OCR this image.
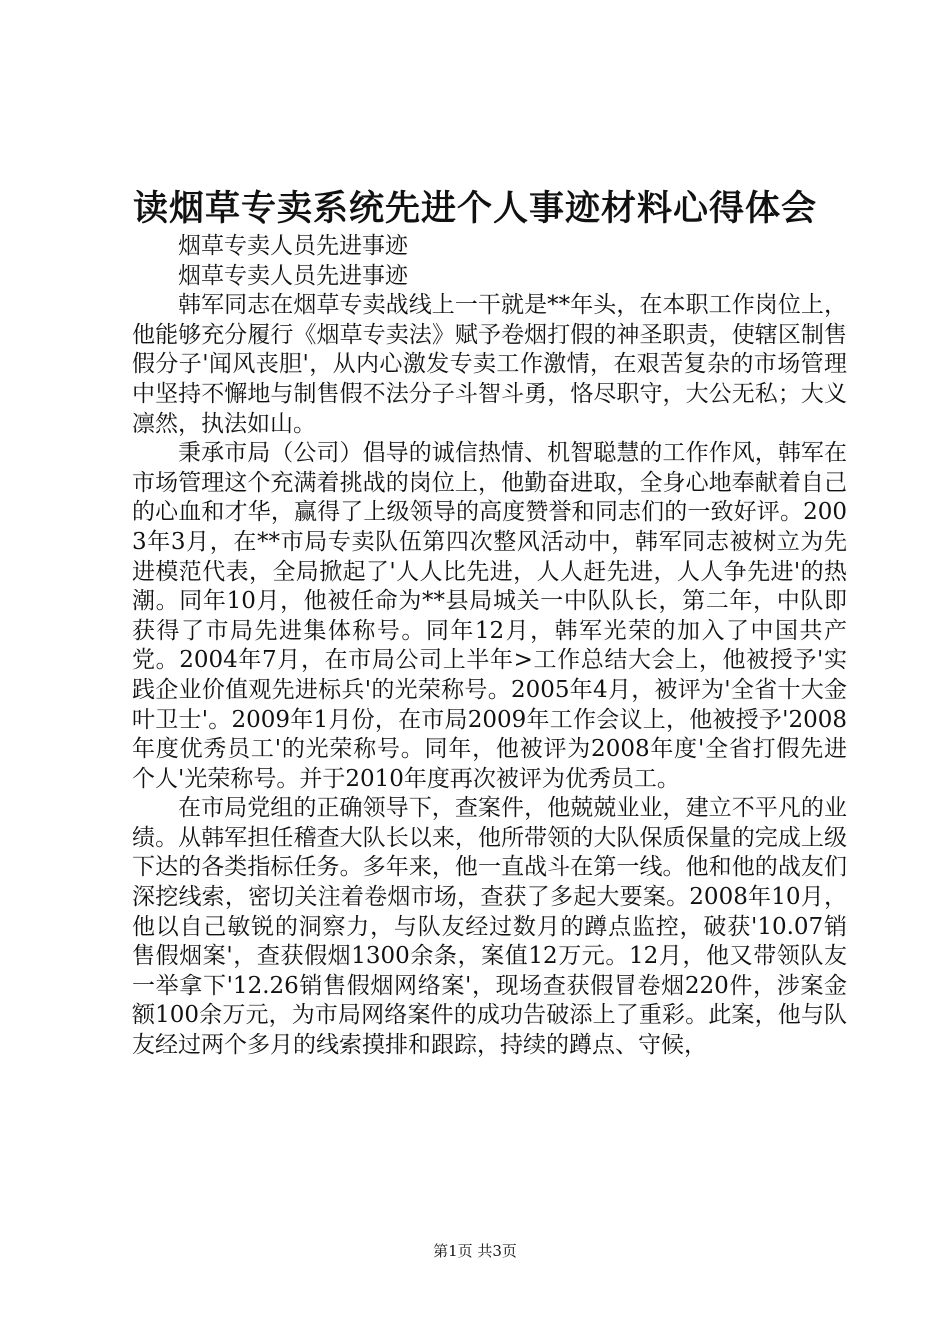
读烟草专卖系统先进个人事迹材料心得体会

烟草专卖人员先进事迹

烟草专卖人员先进事迹

韩军同志在烟草专卖战线上一干就是**年头，在本职工作岗位上，他能够充分履行《烟草专卖法》赋予卷烟打假的神圣职责，使辖区制售假分子'闻风丧胆'，从内心激发专卖工作激情，在艰苦复杂的市场管理中坚持不懈地与制售假不法分子斗智斗勇，恪尽职守，大公无私；大义凛然，执法如山。

秉承市局（公司）倡导的诚信热情、机智聪慧的工作作风，韩军在市场管理这个充满着挑战的岗位上，他勤奋进取，全身心地奉献着自己的心血和才华，赢得了上级领导的高度赞誉和同志们的一致好评。2003年3月，在**市局专卖队伍第四次整风活动中，韩军同志被树立为先进模范代表，全局掀起了'人人比先进，人人赶先进，人人争先进'的热潮。同年10月，他被任命为**县局城关一中队队长，第二年，中队即获得了市局先进集体称号。同年12月，韩军光荣的加入了中国共产党。2004年7月，在市局公司上半年>工作总结大会上，他被授予'实践企业价值观先进标兵'的光荣称号。2005年4月，被评为'全省十大金叶卫士'。2009年1月份，在市局2009年工作会议上，他被授予'2008年度优秀员工'的光荣称号。同年，他被评为2008年度'全省打假先进个人'光荣称号。并于2010年度再次被评为优秀员工。

在市局党组的正确领导下，查案件，他兢兢业业，建立不平凡的业绩。从韩军担任稽查大队长以来，他所带领的大队保质保量的完成上级下达的各类指标任务。多年来，他一直战斗在第一线。他和他的战友们深挖线索，密切关注着卷烟市场，查获了多起大要案。2008年10月，他以自己敏锐的洞察力，与队友经过数月的蹲点监控，破获'10.07销售假烟案'，查获假烟1300余条，案值12万元。12月，他又带领队友一举拿下'12.26销售假烟网络案'，现场查获假冒卷烟220件，涉案金额100余万元，为市局网络案件的成功告破添上了重彩。此案，他与队友经过两个多月的线索摸排和跟踪，持续的蹲点、守候，

第1页 共3页
